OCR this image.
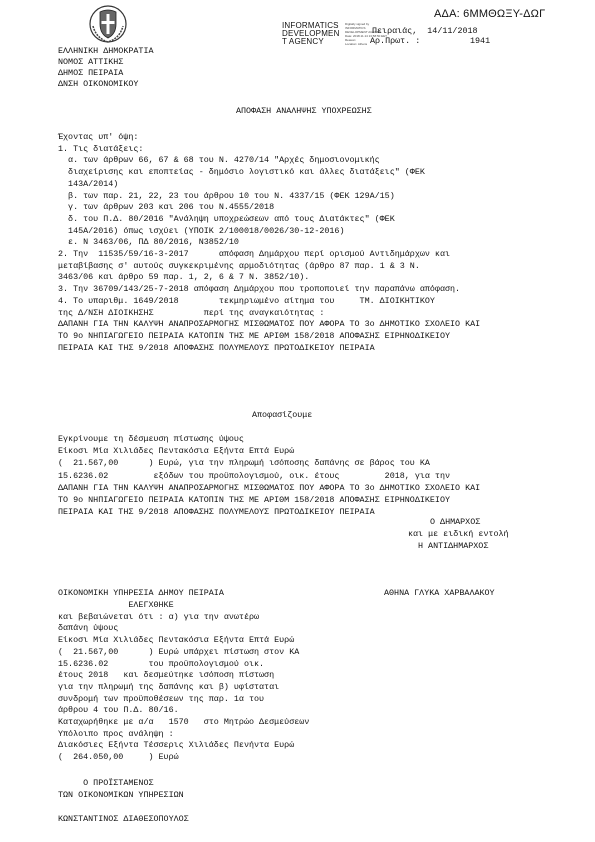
INFORMATICS
DEVELOPMEN
T AGENCY
Digitally signed by
INFORMATICS
DEVELOPMENT AGENCY
Date: 2018.11.14 13:58:50 EET
Reason:
Location: Athens
ΑΔΑ: 6ΜΜΘΩΞΥ-ΔΩΓ
Πειραιάς,  14/11/2018
Αρ.Πρωτ. :	1941
ΕΛΛΗΝΙΚΗ ΔΗΜΟΚΡΑΤΙΑ
ΝΟΜΟΣ ΑΤΤΙΚΗΣ
ΔΗΜΟΣ ΠΕΙΡΑΙΑ
ΔΝΣΗ ΟΙΚΟΝΟΜΙΚΟΥ
ΑΠΟΦΑΣΗ ΑΝΑΛΗΨΗΣ ΥΠΟΧΡΕΩΣΗΣ
Έχοντας υπ' όψη:
1. Τις διατάξεις:
α. των άρθρων 66, 67 & 68 του Ν. 4270/14 "Αρχές δημοσιονομικής
διαχείρισης και εποπτείας - δημόσιο λογιστικό και άλλες διατάξεις" (ΦΕΚ
143Α/2014)
β. των παρ. 21, 22, 23 του άρθρου 10 του Ν. 4337/15 (ΦΕΚ 129Α/15)
γ. των άρθρων 203 και 206 του Ν.4555/2018
δ. του Π.Δ. 80/2016 "Ανάληψη υποχρεώσεων από τους Διατάκτες" (ΦΕΚ
145Α/2016) όπως ισχύει (ΥΠΟΙΚ 2/100018/0026/30-12-2016)
ε. Ν 3463/06, ΠΔ 80/2016, Ν3852/10
2. Την  11535/59/16-3-2017      απόφαση Δημάρχου περί ορισμού Αντιδημάρχων και
μεταβίβασης σ' αυτούς συγκεκριμένης αρμοδιότητας (άρθρο 87 παρ. 1 & 3 Ν.
3463/06 και άρθρο 59 παρ. 1, 2, 6 & 7 Ν. 3852/10).
3. Την 36709/143/25-7-2018 απόφαση Δημάρχου που τροποποιεί την παραπάνω απόφαση.
4. Το υπαριθμ. 1649/2018        τεκμηριωμένο αίτημα του     ΤΜ. ΔΙΟΙΚΗΤΙΚΟΥ
της Δ/ΝΣΗ ΔΙΟΙΚΗΣΗΣ          περί της αναγκαιότητας :
ΔΑΠΑΝΗ ΓΙΑ ΤΗΝ ΚΑΛΥΨΗ ΑΝΑΠΡΟΣΑΡΜΟΓΗΣ ΜΙΣΘΩΜΑΤΟΣ ΠΟΥ ΑΦΟΡΑ ΤΟ 3ο ΔΗΜΟΤΙΚΟ ΣΧΟΛΕΙΟ ΚΑΙ
ΤΟ 9ο ΝΗΠΙΑΓΩΓΕΙΟ ΠΕΙΡΑΙΑ ΚΑΤΟΠΙΝ ΤΗΣ ΜΕ ΑΡΙΘΜ 158/2018 ΑΠΟΦΑΣΗΣ ΕΙΡΗΝΟΔΙΚΕΙΟΥ
ΠΕΙΡΑΙΑ ΚΑΙ ΤΗΣ 9/2018 ΑΠΟΦΑΣΗΣ ΠΟΛΥΜΕΛΟΥΣ ΠΡΩΤΟΔΙΚΕΙΟΥ ΠΕΙΡΑΙΑ
Αποφασίζουμε
Εγκρίνουμε τη δέσμευση πίστωσης ύψους
Είκοσι Μία Χιλιάδες Πεντακόσια Εξήντα Επτά Ευρώ
(  21.567,00      ) Ευρώ, για την πληρωμή ισόποσης δαπάνης σε βάρος του ΚΑ
15.6236.02         εξόδων του προϋπολογισμού, οικ. έτους         2018, για την
ΔΑΠΑΝΗ ΓΙΑ ΤΗΝ ΚΑΛΥΨΗ ΑΝΑΠΡΟΣΑΡΜΟΓΗΣ ΜΙΣΘΩΜΑΤΟΣ ΠΟΥ ΑΦΟΡΑ ΤΟ 3ο ΔΗΜΟΤΙΚΟ ΣΧΟΛΕΙΟ ΚΑΙ
ΤΟ 9ο ΝΗΠΙΑΓΩΓΕΙΟ ΠΕΙΡΑΙΑ ΚΑΤΟΠΙΝ ΤΗΣ ΜΕ ΑΡΙΘΜ 158/2018 ΑΠΟΦΑΣΗΣ ΕΙΡΗΝΟΔΙΚΕΙΟΥ
ΠΕΙΡΑΙΑ ΚΑΙ ΤΗΣ 9/2018 ΑΠΟΦΑΣΗΣ ΠΟΛΥΜΕΛΟΥΣ ΠΡΩΤΟΔΙΚΕΙΟΥ ΠΕΙΡΑΙΑ
Ο ΔΗΜΑΡΧΟΣ
και με ειδική εντολή
Η ΑΝΤΙΔΗΜΑΡΧΟΣ
ΟΙΚΟΝΟΜΙΚΗ ΥΠΗΡΕΣΙΑ ΔΗΜΟΥ ΠΕΙΡΑΙΑ	ΑΘΗΝΑ ΓΛΥΚΑ ΧΑΡΒΑΛΑΚΟΥ
ΕΛΕΓΧΘΗΚΕ
και βεβαιώνεται ότι : α) για την ανωτέρω
δαπάνη ύψους
Είκοσι Μία Χιλιάδες Πεντακόσια Εξήντα Επτά Ευρώ
(  21.567,00      ) Ευρώ υπάρχει πίστωση στον ΚΑ
15.6236.02        του προϋπολογισμού οικ.
έτους 2018   και δεσμεύτηκε ισόποση πίστωση
για την πληρωμή της δαπάνης και β) υφίσταται
συνδρομή των προϋποθέσεων της παρ. 1α του
άρθρου 4 του Π.Δ. 80/16.
Καταχωρήθηκε με α/α   1570   στο Μητρώο Δεσμεύσεων
Υπόλοιπο προς ανάληψη :
Διακόσιες Εξήντα Τέσσερις Χιλιάδες Πενήντα Ευρώ
(  264.050,00     ) Ευρώ
Ο ΠΡΟΪΣΤΑΜΕΝΟΣ
ΤΩΝ ΟΙΚΟΝΟΜΙΚΩΝ ΥΠΗΡΕΣΙΩΝ
ΚΩΝΣΤΑΝΤΙΝΟΣ ΔΙΑΘΕΣΟΠΟΥΛΟΣ
